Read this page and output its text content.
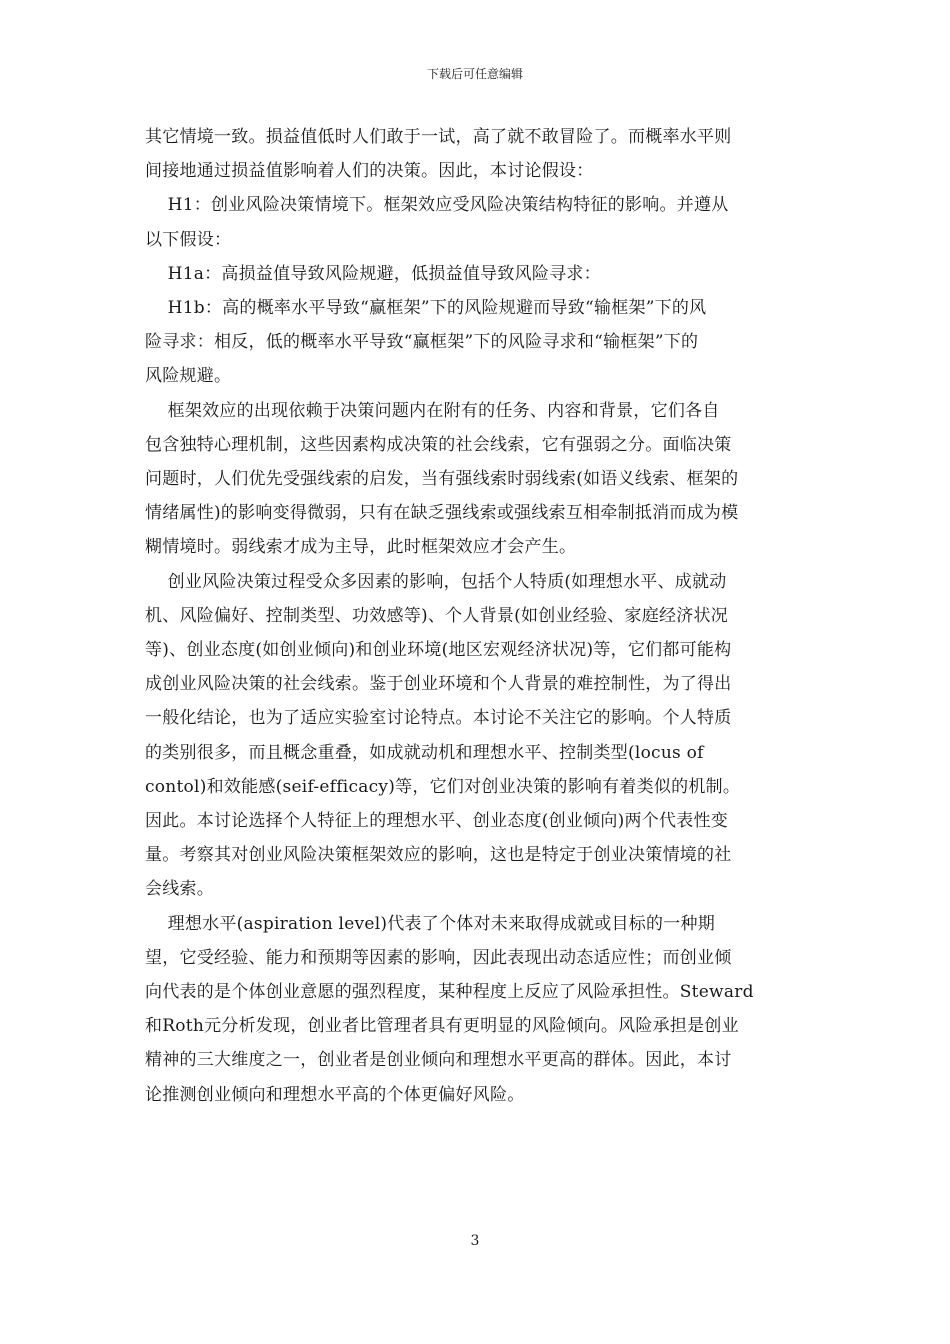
下载后可任意编辑

其它情境一致。损益值低时人们敢于一试，高了就不敢冒险了。而概率水平则

间接地通过损益值影响着人们的决策。因此，本讨论假设：

H1：创业风险决策情境下。框架效应受风险决策结构特征的影响。并遵从

以下假设：

H1a：高损益值导致风险规避，低损益值导致风险寻求：

H1b：高的概率水平导致“赢框架”下的风险规避而导致“输框架”下的风

险寻求：相反，低的概率水平导致“赢框架”下的风险寻求和“输框架”下的

风险规避。

框架效应的出现依赖于决策问题内在附有的任务、内容和背景，它们各自

包含独特心理机制，这些因素构成决策的社会线索，它有强弱之分。面临决策

问题时，人们优先受强线索的启发，当有强线索时弱线索(如语义线索、框架的

情绪属性)的影响变得微弱，只有在缺乏强线索或强线索互相牵制抵消而成为模

糊情境时。弱线索才成为主导，此时框架效应才会产生。

创业风险决策过程受众多因素的影响，包括个人特质(如理想水平、成就动

机、风险偏好、控制类型、功效感等)、个人背景(如创业经验、家庭经济状况

等)、创业态度(如创业倾向)和创业环境(地区宏观经济状况)等，它们都可能构

成创业风险决策的社会线索。鉴于创业环境和个人背景的难控制性，为了得出

一般化结论，也为了适应实验室讨论特点。本讨论不关注它的影响。个人特质

的类别很多，而且概念重叠，如成就动机和理想水平、控制类型(locus of

contol)和效能感(seif-efficacy)等，它们对创业决策的影响有着类似的机制。

因此。本讨论选择个人特征上的理想水平、创业态度(创业倾向)两个代表性变

量。考察其对创业风险决策框架效应的影响，这也是特定于创业决策情境的社

会线索。

理想水平(aspiration level)代表了个体对未来取得成就或目标的一种期

望，它受经验、能力和预期等因素的影响，因此表现出动态适应性；而创业倾

向代表的是个体创业意愿的强烈程度，某种程度上反应了风险承担性。Steward

和Roth元分析发现，创业者比管理者具有更明显的风险倾向。风险承担是创业

精神的三大维度之一，创业者是创业倾向和理想水平更高的群体。因此，本讨

论推测创业倾向和理想水平高的个体更偏好风险。

3
